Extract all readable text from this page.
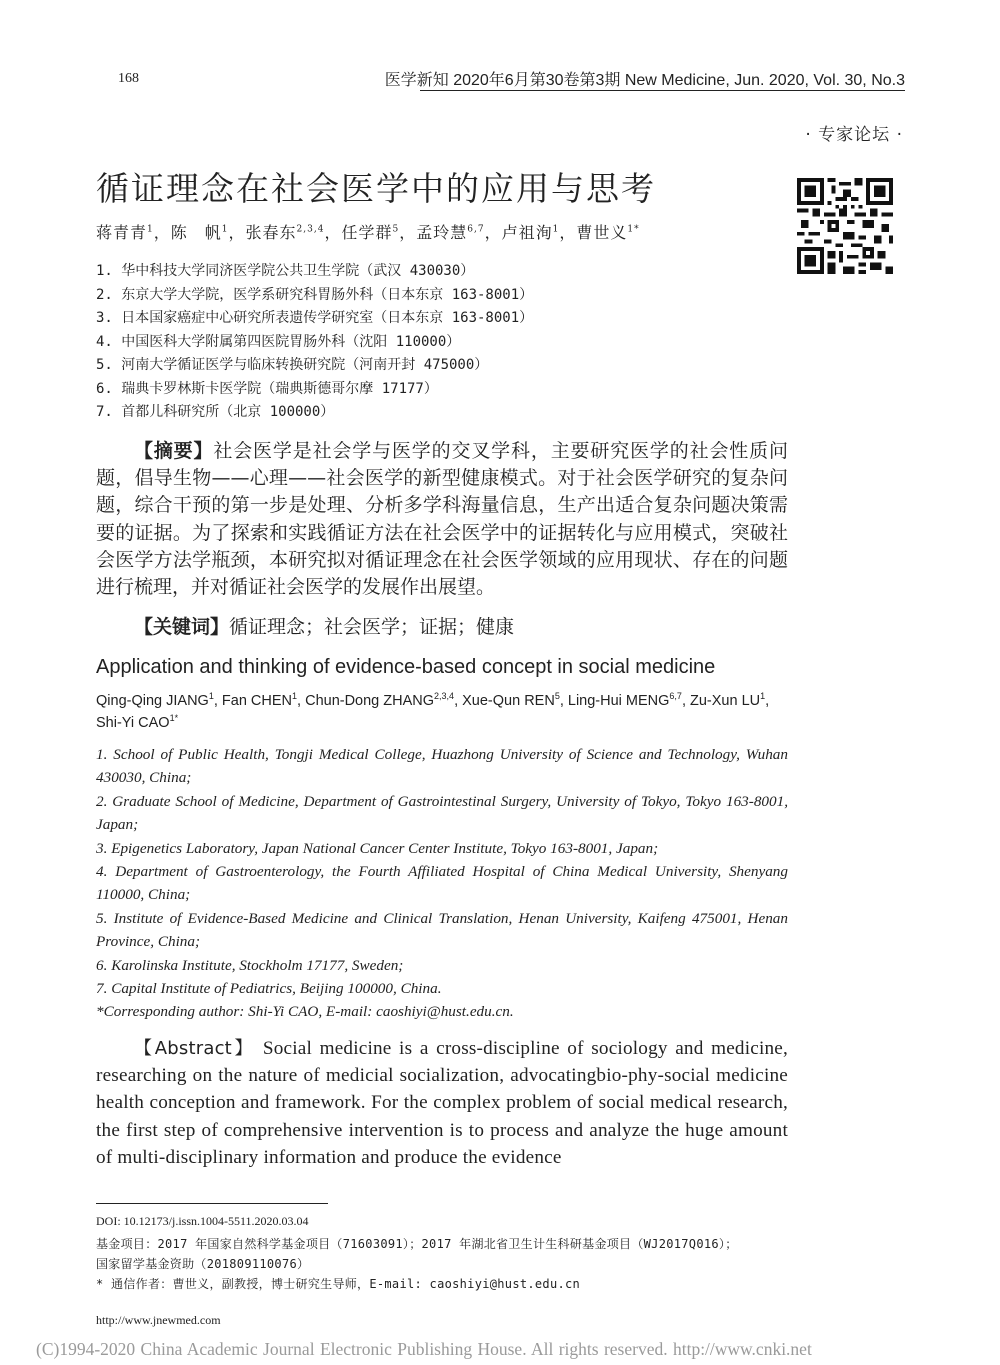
168	医学新知 2020年6月第30卷第3期 New Medicine, Jun. 2020, Vol. 30, No.3
· 专家论坛 ·
循证理念在社会医学中的应用与思考
蒋青青$^1$，陈　帆$^1$，张春东$^{2,3,4}$，任学群$^5$，孟玲慧$^{6,7}$，卢祖洵$^1$，曹世义$^{1*}$
1. 华中科技大学同济医学院公共卫生学院（武汉 430030）
2. 东京大学大学院，医学系研究科胃肠外科（日本东京 163-8001）
3. 日本国家癌症中心研究所表遗传学研究室（日本东京 163-8001）
4. 中国医科大学附属第四医院胃肠外科（沈阳 110000）
5. 河南大学循证医学与临床转换研究院（河南开封 475000）
6. 瑞典卡罗林斯卡医学院（瑞典斯德哥尔摩 17177）
7. 首都儿科研究所（北京 100000）

【摘要】社会医学是社会学与医学的交叉学科，主要研究医学的社会性质问题，倡导生物——心理——社会医学的新型健康模式。对于社会医学研究的复杂问题，综合干预的第一步是处理、分析多学科海量信息，生产出适合复杂问题决策需要的证据。为了探索和实践循证方法在社会医学中的证据转化与应用模式，突破社会医学方法学瓶颈，本研究拟对循证理念在社会医学领域的应用现状、存在的问题进行梳理，并对循证社会医学的发展作出展望。

【关键词】循证理念；社会医学；证据；健康

Application and thinking of evidence-based concept in social medicine
Qing-Qing JIANG$^1$, Fan CHEN$^1$, Chun-Dong ZHANG$^{2,3,4}$, Xue-Qun REN$^5$, Ling-Hui MENG$^{6,7}$, Zu-Xun $LU^1$, Shi-Yi $CAO^{1*}$
1. School of Public Health, Tongji Medical College, Huazhong University of Science and Technology, Wuhan 430030, China;
2. Graduate School of Medicine, Department of Gastrointestinal Surgery, University of Tokyo, Tokyo 163-8001, Japan;
3. Epigenetics Laboratory, Japan National Cancer Center Institute, Tokyo 163-8001, Japan;
4. Department of Gastroenterology, the Fourth Affiliated Hospital of China Medical University, Shenyang 110000, China;
5. Institute of Evidence-Based Medicine and Clinical Translation, Henan University, Kaifeng 475001, Henan Province, China;
6. Karolinska Institute, Stockholm 17177, Sweden;
7. Capital Institute of Pediatrics, Beijing 100000, China.
*Corresponding author: Shi-Yi CAO, E-mail: caoshiyi@hust.edu.cn.

【Abstract】 Social medicine is a cross-discipline of sociology and medicine, researching on the nature of medicial socialization, advocatingbio-phy-social medicine health conception and framework. For the complex problem of social medical research, the first step of comprehensive intervention is to process and analyze the huge amount of multi-disciplinary information and produce the evidence

DOI: 10.12173/j.issn.1004-5511.2020.03.04
基金项目：2017 年国家自然科学基金项目（71603091）；2017 年湖北省卫生计生科研基金项目（WJ2017Q016）；
国家留学基金资助（201809110076）
* 通信作者：曹世义，副教授，博士研究生导师，E-mail: caoshiyi@hust.edu.cn
http://www.jnewmed.com
(C)1994-2020 China Academic Journal Electronic Publishing House. All rights reserved. http://www.cnki.net
